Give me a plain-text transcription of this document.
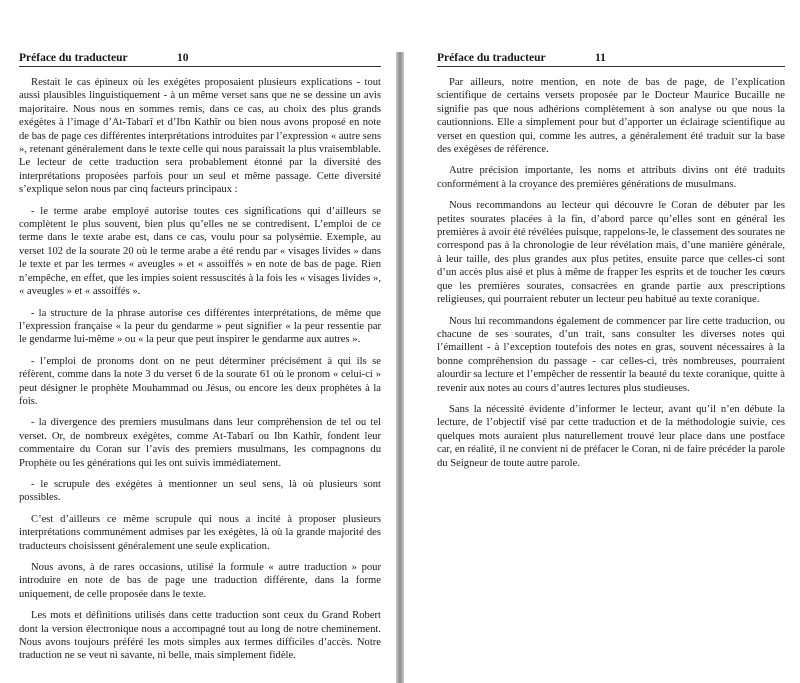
Préface du traducteur	10

Restait le cas épineux où les exégètes proposaient plusieurs explications - tout aussi plausibles linguistiquement - à un même verset sans que ne se dessine un avis majoritaire. Nous nous en sommes remis, dans ce cas, au choix des plus grands exégètes à l’image d’At-Tabarî et d’Ibn Kathîr ou bien nous avons proposé en note de bas de page ces différentes interprétations introduites par l’expression « autre sens », retenant généralement dans le texte celle qui nous paraissait la plus vraisemblable. Le lecteur de cette traduction sera probablement étonné par la diversité des interprétations proposées parfois pour un seul et même passage. Cette diversité s’explique selon nous par cinq facteurs principaux :

- le terme arabe employé autorise toutes ces significations qui d’ailleurs se complètent le plus souvent, bien plus qu’elles ne se contredisent. L’emploi de ce terme dans le texte arabe est, dans ce cas, voulu pour sa polysémie. Exemple, au verset 102 de la sourate 20 où le terme arabe a été rendu par « visages livides » dans le texte et par les termes « aveugles » et « assoiffés » en note de bas de page. Rien n’empêche, en effet, que les impies soient ressuscités à la fois les « visages livides », « aveugles » et « assoiffés ».

- la structure de la phrase autorise ces différentes interprétations, de même que l’expression française « la peur du gendarme » peut signifier « la peur ressentie par le gendarme lui-même » ou « la peur que peut inspirer le gendarme aux autres ».

- l’emploi de pronoms dont on ne peut déterminer précisément à qui ils se réfèrent, comme dans la note 3 du verset 6 de la sourate 61 où le pronom « celui-ci » peut désigner le prophète Mouhammad ou Jésus, ou encore les deux prophètes à la fois.

- la divergence des premiers musulmans dans leur compréhension de tel ou tel verset. Or, de nombreux exégètes, comme At-Tabarî ou Ibn Kathîr, fondent leur commentaire du Coran sur l’avis des premiers musulmans, les compagnons du Prophète ou les générations qui les ont suivis immédiatement.

- le scrupule des exégètes à mentionner un seul sens, là où plusieurs sont possibles.

C’est d’ailleurs ce même scrupule qui nous a incité à proposer plusieurs interprétations communément admises par les exégètes, là où la grande majorité des traducteurs choisissent généralement une seule explication.

Nous avons, à de rares occasions, utilisé la formule « autre traduction » pour introduire en note de bas de page une traduction différente, dans la forme uniquement, de celle proposée dans le texte.

Les mots et définitions utilisés dans cette traduction sont ceux du Grand Robert dont la version électronique nous a accompagné tout au long de notre cheminement. Nous avons toujours préféré les mots simples aux termes difficiles d’accès. Notre traduction ne se veut ni savante, ni belle, mais simplement fidèle.

Préface du traducteur	11

Par ailleurs, notre mention, en note de bas de page, de l’explication scientifique de certains versets proposée par le Docteur Maurice Bucaille ne signifie pas que nous adhérions complètement à son analyse ou que nous la cautionnions. Elle a simplement pour but d’apporter un éclairage scientifique au verset en question qui, comme les autres, a généralement été traduit sur la base des exégèses de référence.

Autre précision importante, les noms et attributs divins ont été traduits conformément à la croyance des premières générations de musulmans.

Nous recommandons au lecteur qui découvre le Coran de débuter par les petites sourates placées à la fin, d’abord parce qu’elles sont en général les premières à avoir été révélées puisque, rappelons-le, le classement des sourates ne correspond pas à la chronologie de leur révélation mais, d’une manière générale, à leur taille, des plus grandes aux plus petites, ensuite parce que celles-ci sont d’un accès plus aisé et plus à même de frapper les esprits et de toucher les cœurs que les premières sourates, consacrées en grande partie aux prescriptions religieuses, qui pourraient rebuter un lecteur peu habitué au texte coranique.

Nous lui recommandons également de commencer par lire cette traduction, ou chacune de ses sourates, d’un trait, sans consulter les diverses notes qui l’émaillent - à l’exception toutefois des notes en gras, souvent nécessaires à la bonne compréhension du passage - car celles-ci, très nombreuses, pourraient alourdir sa lecture et l’empêcher de ressentir la beauté du texte coranique, quitte à revenir aux notes au cours d’autres lectures plus studieuses.

Sans la nécessité évidente d’informer le lecteur, avant qu’il n’en débute la lecture, de l’objectif visé par cette traduction et de la méthodologie suivie, ces quelques mots auraient plus naturellement trouvé leur place dans une postface car, en réalité, il ne convient ni de préfacer le Coran, ni de faire précéder la parole du Seigneur de toute autre parole.
